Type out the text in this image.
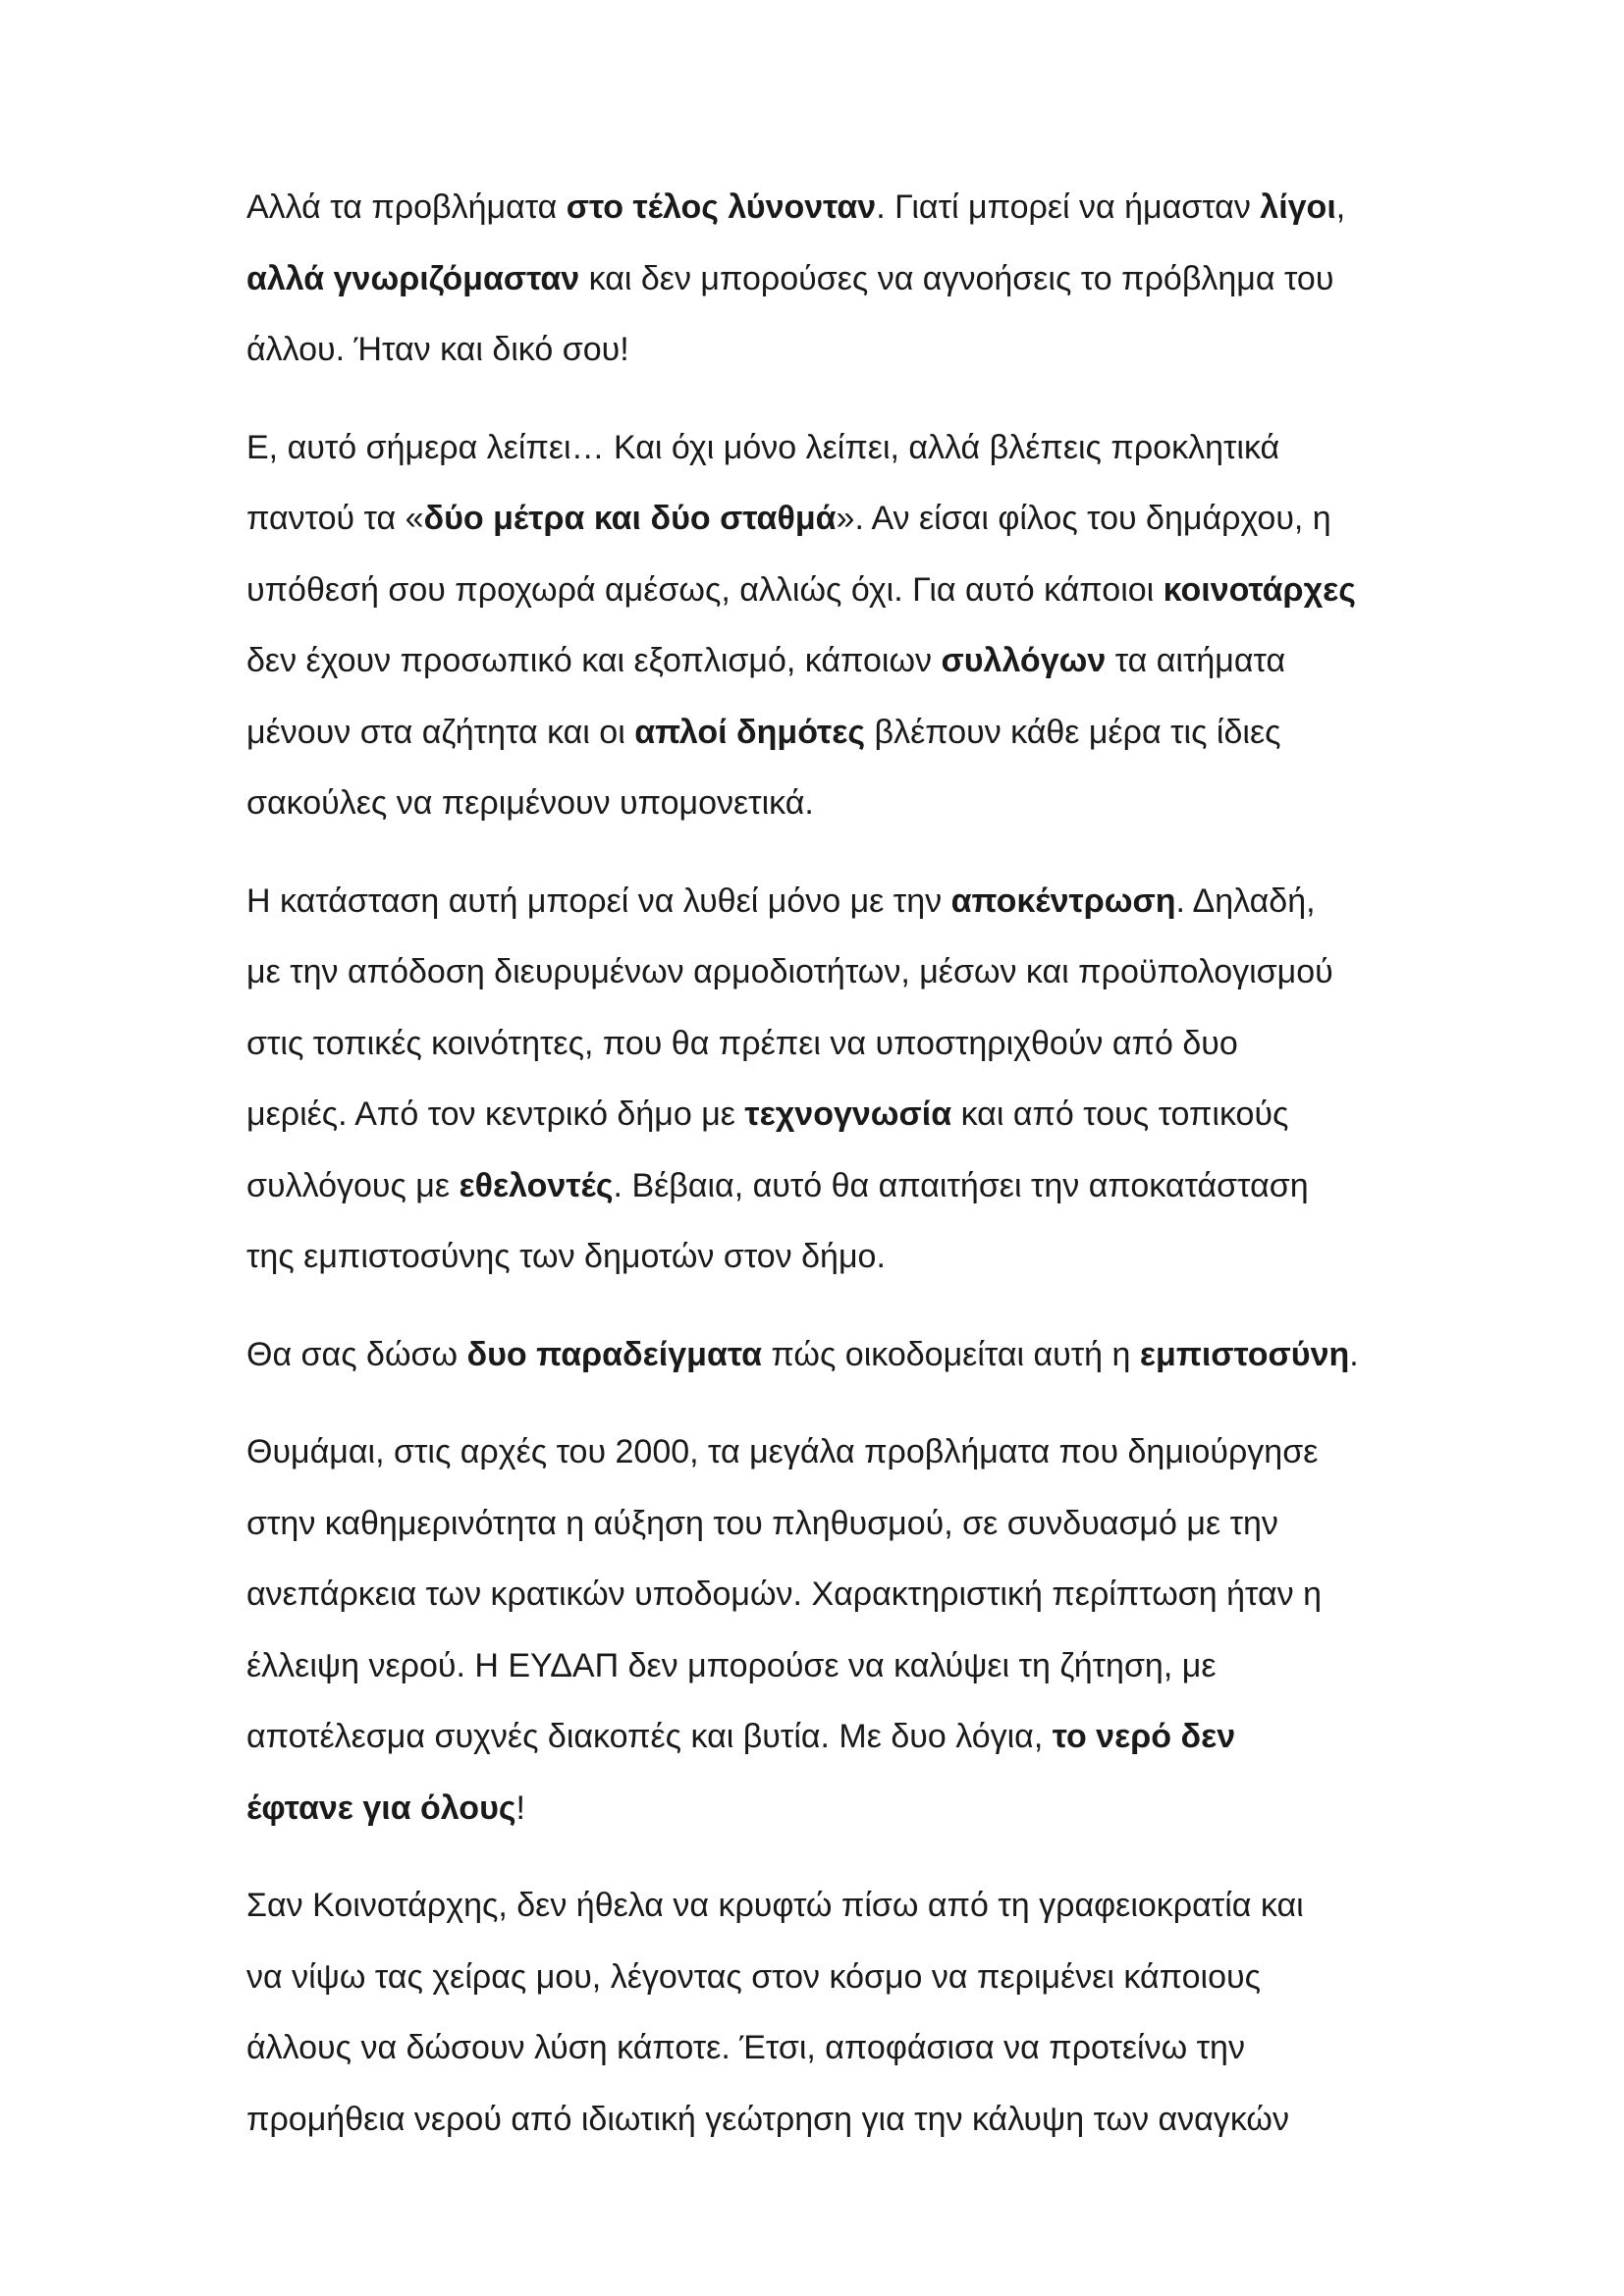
Αλλά τα προβλήματα στο τέλος λύνονταν. Γιατί μπορεί να ήμασταν λίγοι,
αλλά γνωριζόμασταν και δεν μπορούσες να αγνοήσεις το πρόβλημα του
άλλου. Ήταν και δικό σου!

Ε, αυτό σήμερα λείπει… Και όχι μόνο λείπει, αλλά βλέπεις προκλητικά
παντού τα «δύο μέτρα και δύο σταθμά». Αν είσαι φίλος του δημάρχου, η
υπόθεσή σου προχωρά αμέσως, αλλιώς όχι. Για αυτό κάποιοι κοινοτάρχες
δεν έχουν προσωπικό και εξοπλισμό, κάποιων συλλόγων τα αιτήματα
μένουν στα αζήτητα και οι απλοί δημότες βλέπουν κάθε μέρα τις ίδιες
σακούλες να περιμένουν υπομονετικά.

Η κατάσταση αυτή μπορεί να λυθεί μόνο με την αποκέντρωση. Δηλαδή,
με την απόδοση διευρυμένων αρμοδιοτήτων, μέσων και προϋπολογισμού
στις τοπικές κοινότητες, που θα πρέπει να υποστηριχθούν από δυο
μεριές. Από τον κεντρικό δήμο με τεχνογνωσία και από τους τοπικούς
συλλόγους με εθελοντές. Βέβαια, αυτό θα απαιτήσει την αποκατάσταση
της εμπιστοσύνης των δημοτών στον δήμο.

Θα σας δώσω δυο παραδείγματα πώς οικοδομείται αυτή η εμπιστοσύνη.

Θυμάμαι, στις αρχές του 2000, τα μεγάλα προβλήματα που δημιούργησε
στην καθημερινότητα η αύξηση του πληθυσμού, σε συνδυασμό με την
ανεπάρκεια των κρατικών υποδομών. Χαρακτηριστική περίπτωση ήταν η
έλλειψη νερού. Η ΕΥΔΑΠ δεν μπορούσε να καλύψει τη ζήτηση, με
αποτέλεσμα συχνές διακοπές και βυτία. Με δυο λόγια, το νερό δεν
έφτανε για όλους!

Σαν Κοινοτάρχης, δεν ήθελα να κρυφτώ πίσω από τη γραφειοκρατία και
να νίψω τας χείρας μου, λέγοντας στον κόσμο να περιμένει κάποιους
άλλους να δώσουν λύση κάποτε. Έτσι, αποφάσισα να προτείνω την
προμήθεια νερού από ιδιωτική γεώτρηση για την κάλυψη των αναγκών
